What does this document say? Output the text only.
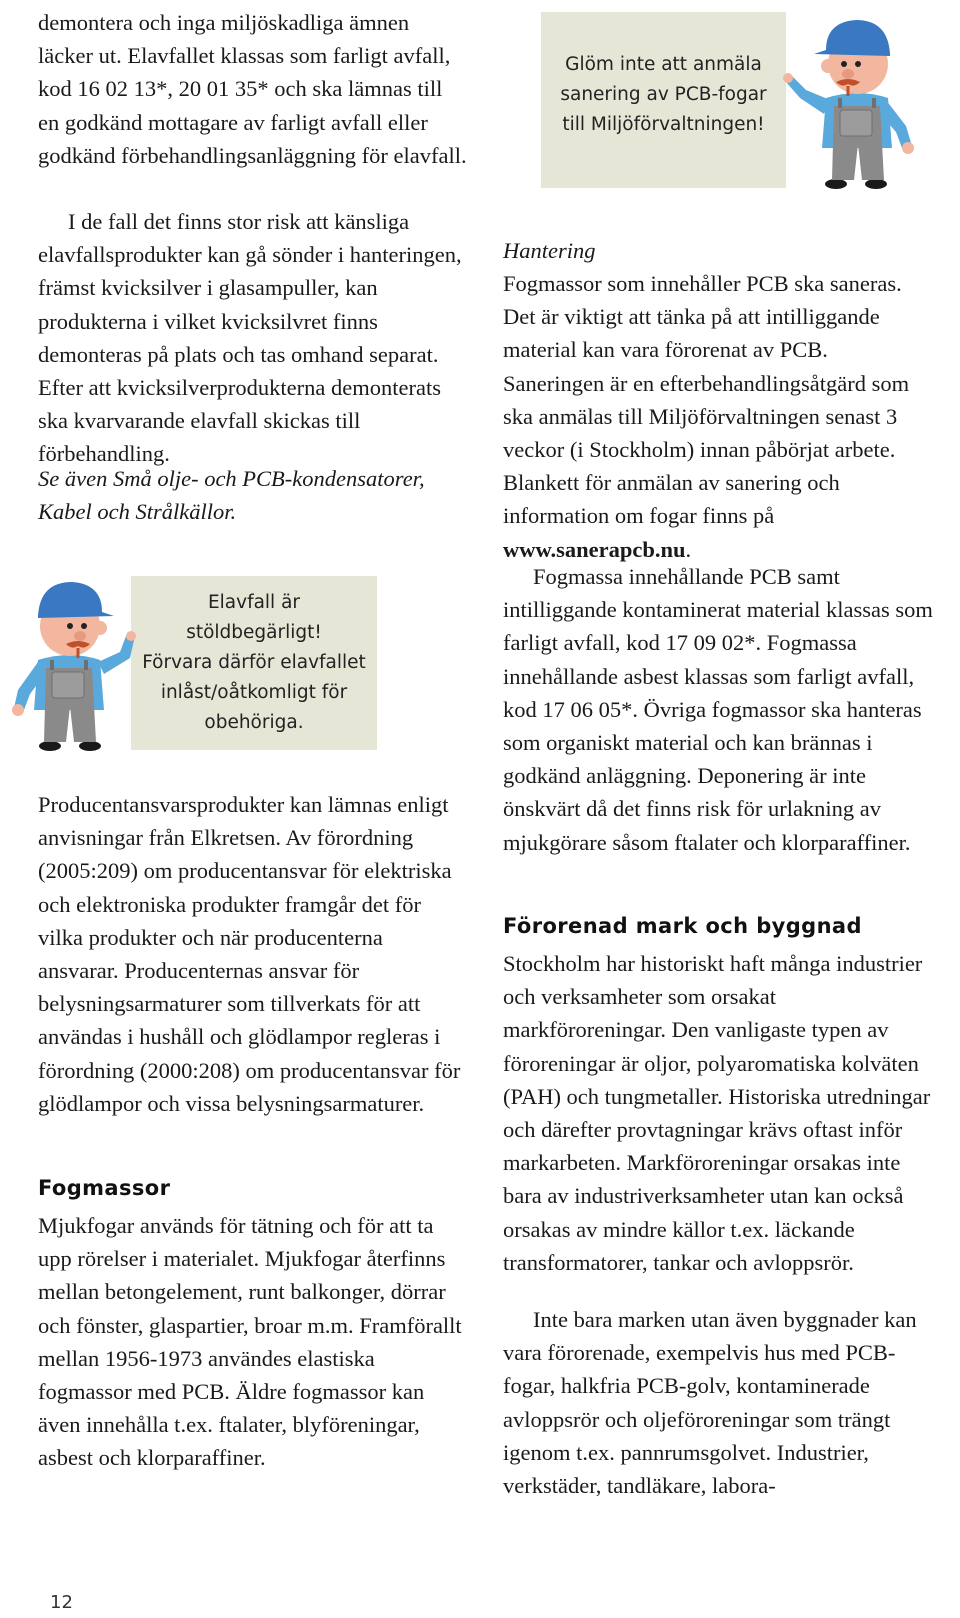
demontera och inga miljöskadliga ämnen läcker ut. Elavfallet klassas som farligt avfall, kod 16 02 13*, 20 01 35* och ska lämnas till en godkänd mottagare av farligt avfall eller godkänd förbehandlingsanläggning för elavfall.

I de fall det finns stor risk att känsliga elavfallsprodukter kan gå sönder i hanteringen, främst kvicksilver i glasampuller, kan produkterna i vilket kvicksilvret finns demonteras på plats och tas omhand separat. Efter att kvicksilverprodukterna demonterats ska kvarvarande elavfall skickas till förbehandling.

Se även Små olje- och PCB-kondensatorer, Kabel och Strålkällor.

Producentansvarsprodukter kan lämnas enligt anvisningar från Elkretsen. Av förordning (2005:209) om producentansvar för elektriska och elektroniska produkter framgår det för vilka produkter och när producenterna ansvarar. Producenternas ansvar för belysningsarmaturer som tillverkats för att användas i hushåll och glödlampor regleras i förordning (2000:208) om producentansvar för glödlampor och vissa belysningsarmaturer.

Fogmassor

Mjukfogar används för tätning och för att ta upp rörelser i materialet. Mjukfogar återfinns mellan betongelement, runt balkonger, dörrar och fönster, glaspartier, broar m.m. Framförallt mellan 1956-1973 användes elastiska fogmassor med PCB. Äldre fogmassor kan även innehålla t.ex. ftalater, blyföreningar, asbest och klorparaffiner.

Elavfall är
stöldbegärligt!
Förvara därför elavfallet
inlåst/oåtkomligt för
obehöriga.

Hantering

Fogmassor som innehåller PCB ska saneras. Det är viktigt att tänka på att intilliggande material kan vara förorenat av PCB. Saneringen är en efterbehandlingsåtgärd som ska anmälas till Miljöförvaltningen senast 3 veckor (i Stockholm) innan påbörjat arbete. Blankett för anmälan av sanering och information om fogar finns på www.sanerapcb.nu.

Fogmassa innehållande PCB samt intilliggande kontaminerat material klassas som farligt avfall, kod 17 09 02*. Fogmassa innehållande asbest klassas som farligt avfall, kod 17 06 05*. Övriga fogmassor ska hanteras som organiskt material och kan brännas i godkänd anläggning. Deponering är inte önskvärt då det finns risk för urlakning av mjukgörare såsom ftalater och klorparaffiner.

Förorenad mark och byggnad

Stockholm har historiskt haft många industrier och verksamheter som orsakat markföroreningar. Den vanligaste typen av föroreningar är oljor, polyaromatiska kolväten (PAH) och tungmetaller. Historiska utredningar och därefter provtagningar krävs oftast inför markarbeten. Markföroreningar orsakas inte bara av industriverksamheter utan kan också orsakas av mindre källor t.ex. läckande transformatorer, tankar och avloppsrör.

Inte bara marken utan även byggnader kan vara förorenade, exempelvis hus med PCB-fogar, halkfria PCB-golv, kontaminerade avloppsrör och oljeföroreningar som trängt igenom t.ex. pannrumsgolvet. Industrier, verkstäder, tandläkare, labora-

Glöm inte att anmäla
sanering av PCB-fogar
till Miljöförvaltningen!
12
